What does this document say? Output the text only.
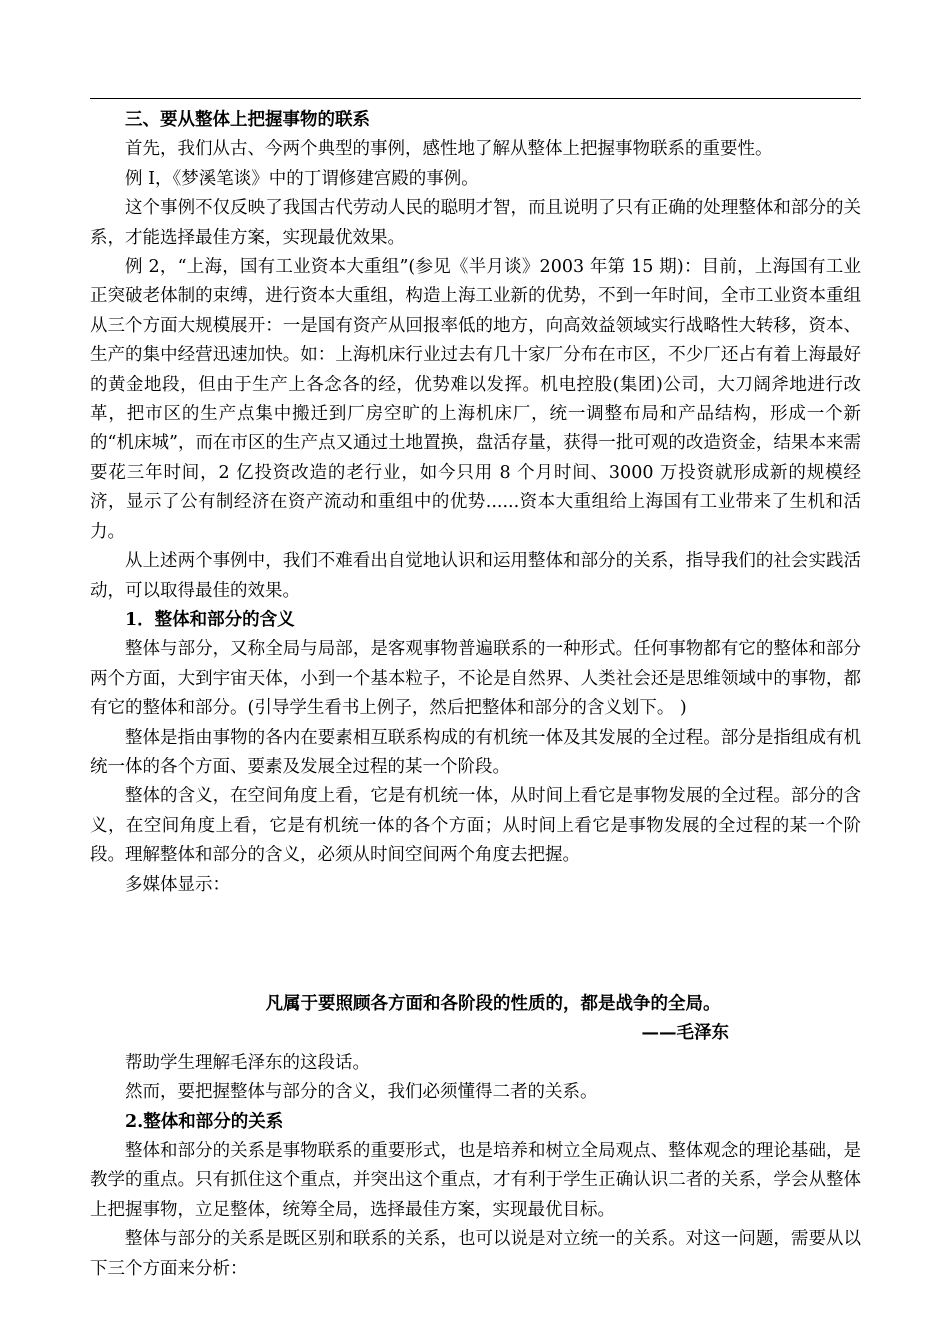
三、要从整体上把握事物的联系

首先，我们从古、今两个典型的事例，感性地了解从整体上把握事物联系的重要性。

例 I，《梦溪笔谈》中的丁谓修建宫殿的事例。

这个事例不仅反映了我国古代劳动人民的聪明才智，而且说明了只有正确的处理整体和部分的关系，才能选择最佳方案，实现最优效果。

例 2，“上海，国有工业资本大重组”(参见《半月谈》2003 年第 15 期)：目前，上海国有工业正突破老体制的束缚，进行资本大重组，构造上海工业新的优势，不到一年时间，全市工业资本重组从三个方面大规模展开：一是国有资产从回报率低的地方，向高效益领域实行战略性大转移，资本、生产的集中经营迅速加快。如：上海机床行业过去有几十家厂分布在市区，不少厂还占有着上海最好的黄金地段，但由于生产上各念各的经，优势难以发挥。机电控股(集团)公司，大刀阔斧地进行改革，把市区的生产点集中搬迁到厂房空旷的上海机床厂，统一调整布局和产品结构，形成一个新的“机床城”，而在市区的生产点又通过土地置换，盘活存量，获得一批可观的改造资金，结果本来需要花三年时间，2 亿投资改造的老行业，如今只用 8 个月时间、3000 万投资就形成新的规模经济，显示了公有制经济在资产流动和重组中的优势......资本大重组给上海国有工业带来了生机和活力。

从上述两个事例中，我们不难看出自觉地认识和运用整体和部分的关系，指导我们的社会实践活动，可以取得最佳的效果。

1．整体和部分的含义

整体与部分，又称全局与局部，是客观事物普遍联系的一种形式。任何事物都有它的整体和部分两个方面，大到宇宙天体，小到一个基本粒子，不论是自然界、人类社会还是思维领域中的事物，都有它的整体和部分。(引导学生看书上例子，然后把整体和部分的含义划下。 )

整体是指由事物的各内在要素相互联系构成的有机统一体及其发展的全过程。部分是指组成有机统一体的各个方面、要素及发展全过程的某一个阶段。

整体的含义，在空间角度上看，它是有机统一体，从时间上看它是事物发展的全过程。部分的含义，在空间角度上看，它是有机统一体的各个方面；从时间上看它是事物发展的全过程的某一个阶段。理解整体和部分的含义，必须从时间空间两个角度去把握。

多媒体显示：

凡属于要照顾各方面和各阶段的性质的，都是战争的全局。

——毛泽东

帮助学生理解毛泽东的这段话。

然而，要把握整体与部分的含义，我们必须懂得二者的关系。

2.整体和部分的关系

整体和部分的关系是事物联系的重要形式，也是培养和树立全局观点、整体观念的理论基础，是教学的重点。只有抓住这个重点，并突出这个重点，才有利于学生正确认识二者的关系，学会从整体上把握事物，立足整体，统筹全局，选择最佳方案，实现最优目标。

整体与部分的关系是既区别和联系的关系，也可以说是对立统一的关系。对这一问题，需要从以下三个方面来分析：
